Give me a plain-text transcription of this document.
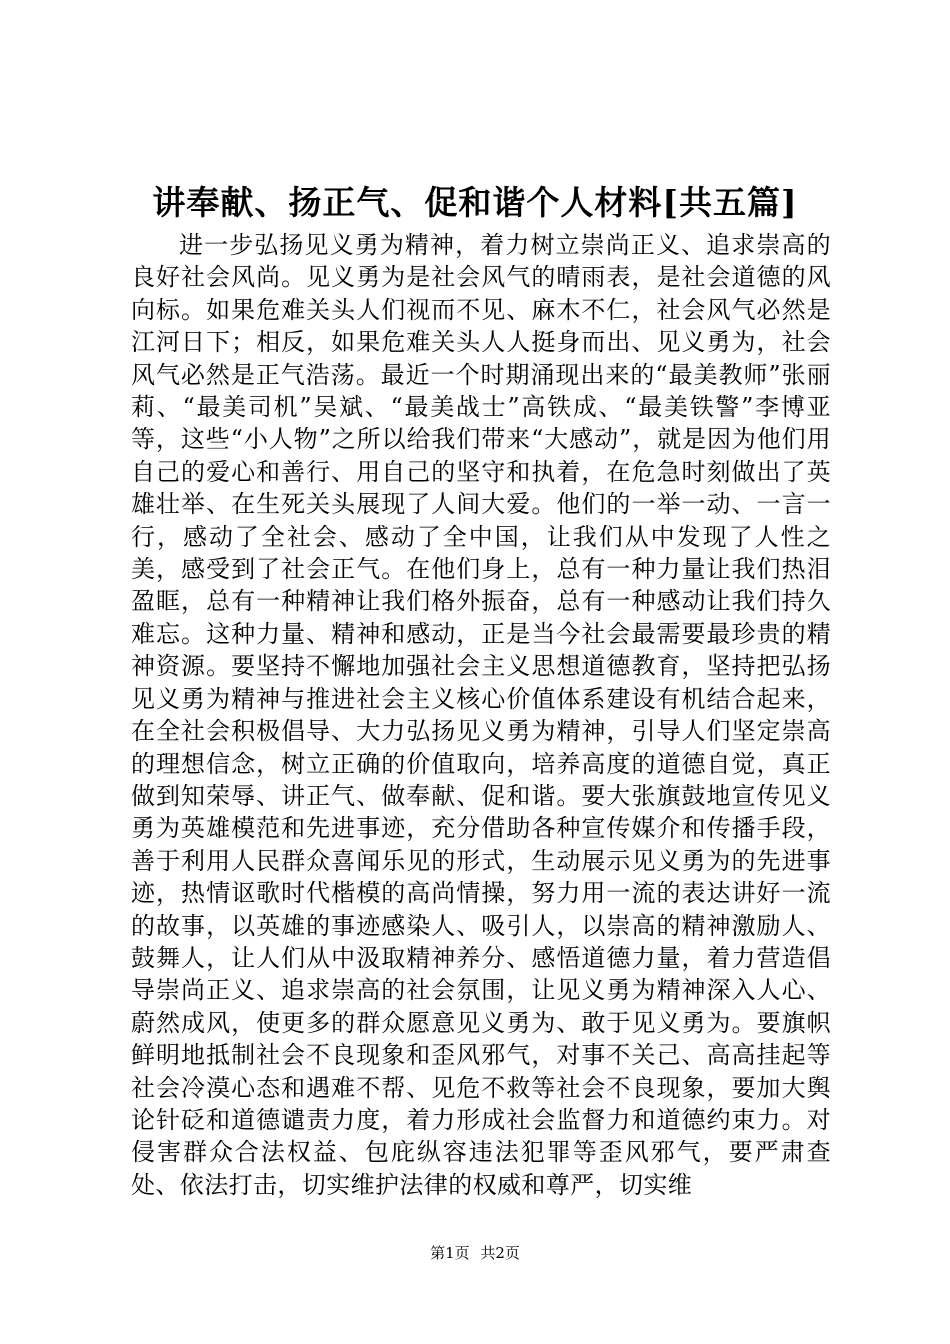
讲奉献、扬正气、促和谐个人材料[共五篇]

进一步弘扬见义勇为精神，着力树立崇尚正义、追求崇高的良好社会风尚。见义勇为是社会风气的晴雨表，是社会道德的风向标。如果危难关头人们视而不见、麻木不仁，社会风气必然是江河日下；相反，如果危难关头人人挺身而出、见义勇为，社会风气必然是正气浩荡。最近一个时期涌现出来的“最美教师”张丽莉、“最美司机”吴斌、“最美战士”高铁成、“最美铁警”李博亚等，这些“小人物”之所以给我们带来“大感动”，就是因为他们用自己的爱心和善行、用自己的坚守和执着，在危急时刻做出了英雄壮举、在生死关头展现了人间大爱。他们的一举一动、一言一行，感动了全社会、感动了全中国，让我们从中发现了人性之美，感受到了社会正气。在他们身上，总有一种力量让我们热泪盈眶，总有一种精神让我们格外振奋，总有一种感动让我们持久难忘。这种力量、精神和感动，正是当今社会最需要最珍贵的精神资源。要坚持不懈地加强社会主义思想道德教育，坚持把弘扬见义勇为精神与推进社会主义核心价值体系建设有机结合起来，在全社会积极倡导、大力弘扬见义勇为精神，引导人们坚定崇高的理想信念，树立正确的价值取向，培养高度的道德自觉，真正做到知荣辱、讲正气、做奉献、促和谐。要大张旗鼓地宣传见义勇为英雄模范和先进事迹，充分借助各种宣传媒介和传播手段，善于利用人民群众喜闻乐见的形式，生动展示见义勇为的先进事迹，热情讴歌时代楷模的高尚情操，努力用一流的表达讲好一流的故事，以英雄的事迹感染人、吸引人，以崇高的精神激励人、鼓舞人，让人们从中汲取精神养分、感悟道德力量，着力营造倡导崇尚正义、追求崇高的社会氛围，让见义勇为精神深入人心、蔚然成风，使更多的群众愿意见义勇为、敢于见义勇为。要旗帜鲜明地抵制社会不良现象和歪风邪气，对事不关己、高高挂起等社会冷漠心态和遇难不帮、见危不救等社会不良现象，要加大舆论针砭和道德谴责力度，着力形成社会监督力和道德约束力。对侵害群众合法权益、包庇纵容违法犯罪等歪风邪气，要严肃查处、依法打击，切实维护法律的权威和尊严，切实维

第1页 共2页
